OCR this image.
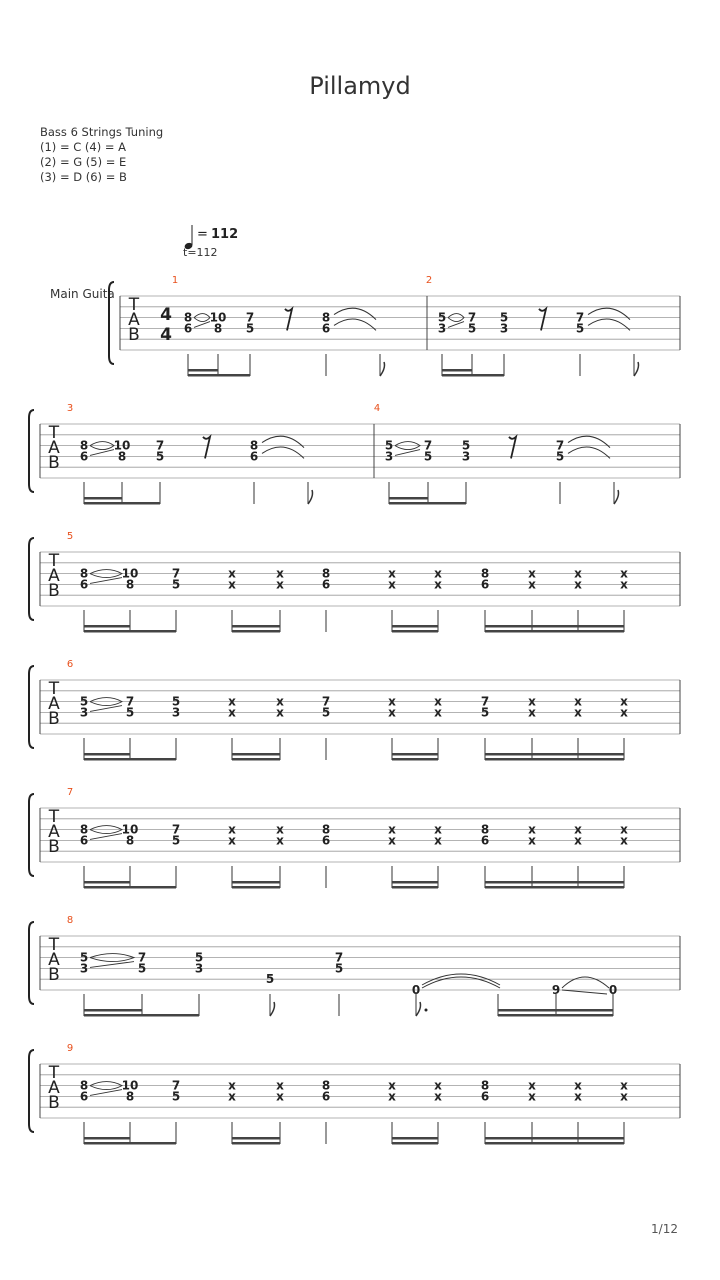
Pillamyd
Bass 6 Strings Tuning
(1) = C (4) = A
(2) = G (5) = E
(3) = D (6) = B
= 112
t=112
Main Guita
T
A
B
4
4
1
8
6
10
8
7
5
8
6
2
5
3
7
5
5
3
7
5
T
A
B
3
8
6
10
8
7
5
8
6
4
5
3
7
5
5
3
7
5
T
A
B
5
8
6
10
8
7
5
x
x
x
x
8
6
x
x
x
x
8
6
x
x
x
x
x
x
T
A
B
6
5
3
7
5
5
3
x
x
x
x
7
5
x
x
x
x
7
5
x
x
x
x
x
x
T
A
B
7
8
6
10
8
7
5
x
x
x
x
8
6
x
x
x
x
8
6
x
x
x
x
x
x
T
A
B
8
5
3
7
5
5
3
5
7
5
0	9	0
T
A
B
9
8
6
10
8
7
5
x
x
x
x
8
6
x
x
x
x
8
6
x
x
x
x
x
x
1/12
